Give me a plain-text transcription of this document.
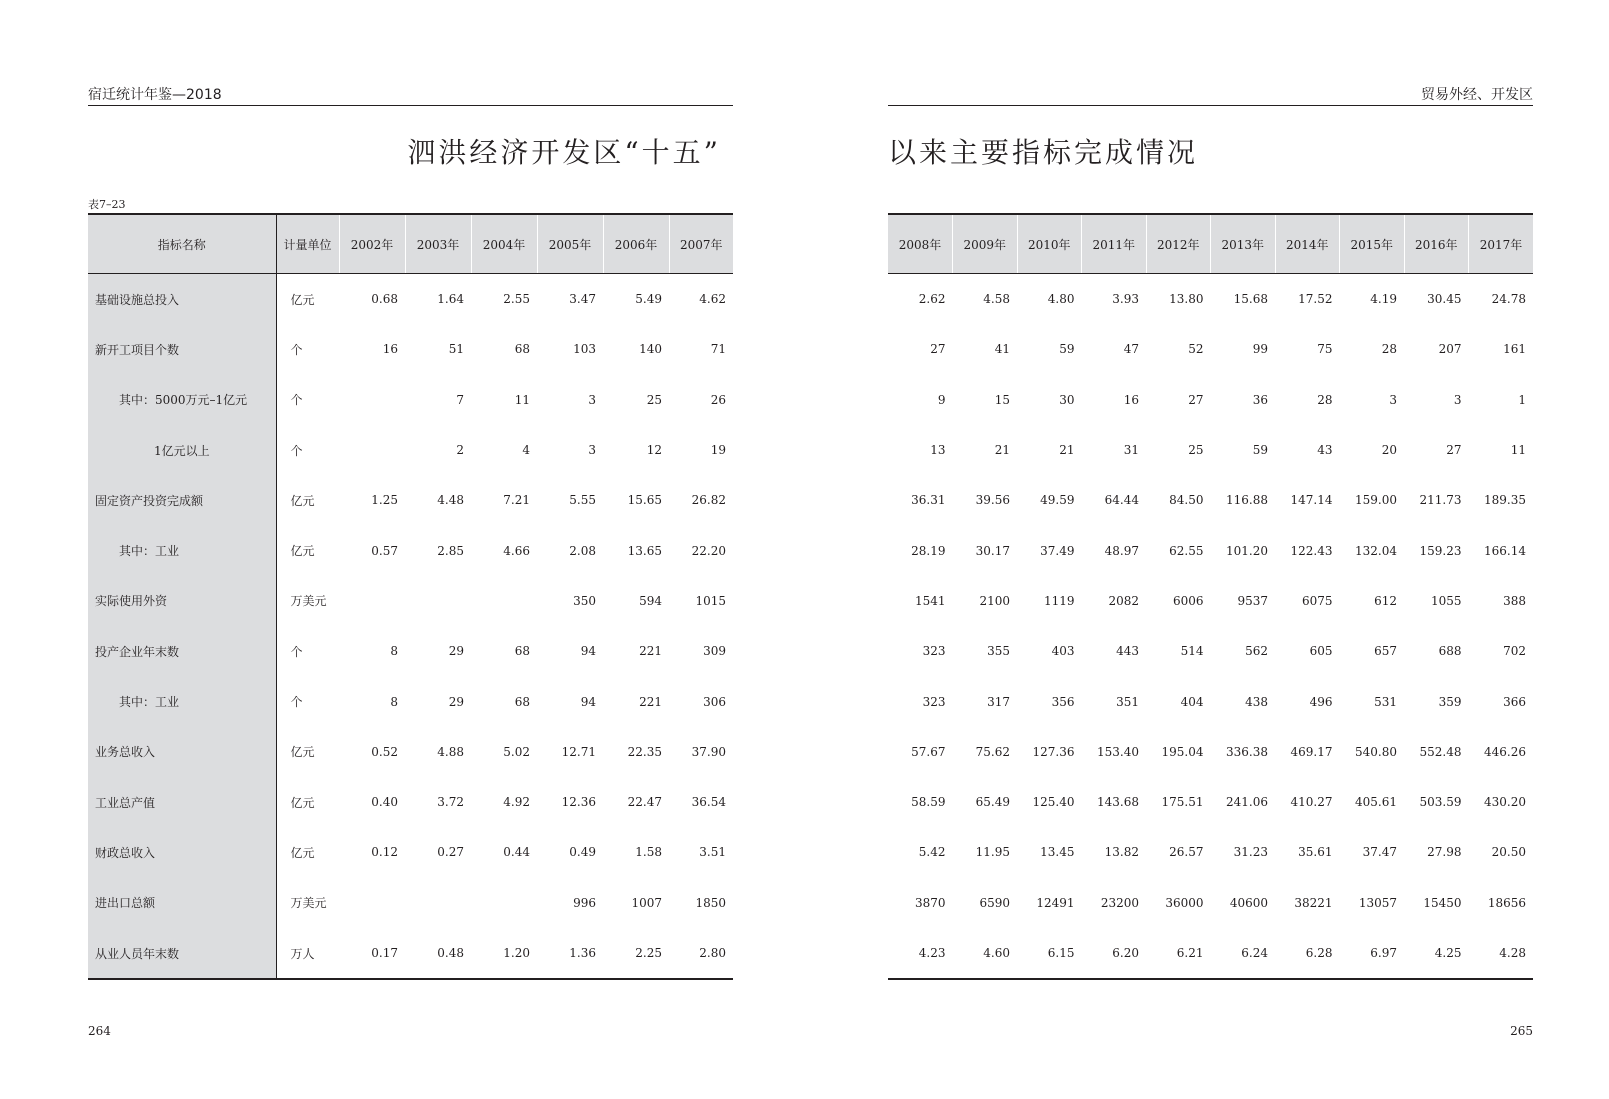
宿迁统计年鉴—2018
泗洪经济开发区“十五”
表7–23
指标名称	计量单位	2002年	2003年	2004年	2005年	2006年	2007年
基础设施总投入	亿元	0.68	1.64	2.55	3.47	5.49	4.62
新开工项目个数	个	16	51	68	103	140	71
其中：5000万元–1亿元	个		7	11	3	25	26
1亿元以上	个		2	4	3	12	19
固定资产投资完成额	亿元	1.25	4.48	7.21	5.55	15.65	26.82
其中：工业	亿元	0.57	2.85	4.66	2.08	13.65	22.20
实际使用外资	万美元				350	594	1015
投产企业年末数	个	8	29	68	94	221	309
其中：工业	个	8	29	68	94	221	306
业务总收入	亿元	0.52	4.88	5.02	12.71	22.35	37.90
工业总产值	亿元	0.40	3.72	4.92	12.36	22.47	36.54
财政总收入	亿元	0.12	0.27	0.44	0.49	1.58	3.51
进出口总额	万美元				996	1007	1850
从业人员年末数	万人	0.17	0.48	1.20	1.36	2.25	2.80
264
贸易外经、开发区
以来主要指标完成情况
2008年	2009年	2010年	2011年	2012年	2013年	2014年	2015年	2016年	2017年
2.62	4.58	4.80	3.93	13.80	15.68	17.52	4.19	30.45	24.78
27	41	59	47	52	99	75	28	207	161
9	15	30	16	27	36	28	3	3	1
13	21	21	31	25	59	43	20	27	11
36.31	39.56	49.59	64.44	84.50	116.88	147.14	159.00	211.73	189.35
28.19	30.17	37.49	48.97	62.55	101.20	122.43	132.04	159.23	166.14
1541	2100	1119	2082	6006	9537	6075	612	1055	388
323	355	403	443	514	562	605	657	688	702
323	317	356	351	404	438	496	531	359	366
57.67	75.62	127.36	153.40	195.04	336.38	469.17	540.80	552.48	446.26
58.59	65.49	125.40	143.68	175.51	241.06	410.27	405.61	503.59	430.20
5.42	11.95	13.45	13.82	26.57	31.23	35.61	37.47	27.98	20.50
3870	6590	12491	23200	36000	40600	38221	13057	15450	18656
4.23	4.60	6.15	6.20	6.21	6.24	6.28	6.97	4.25	4.28
265
